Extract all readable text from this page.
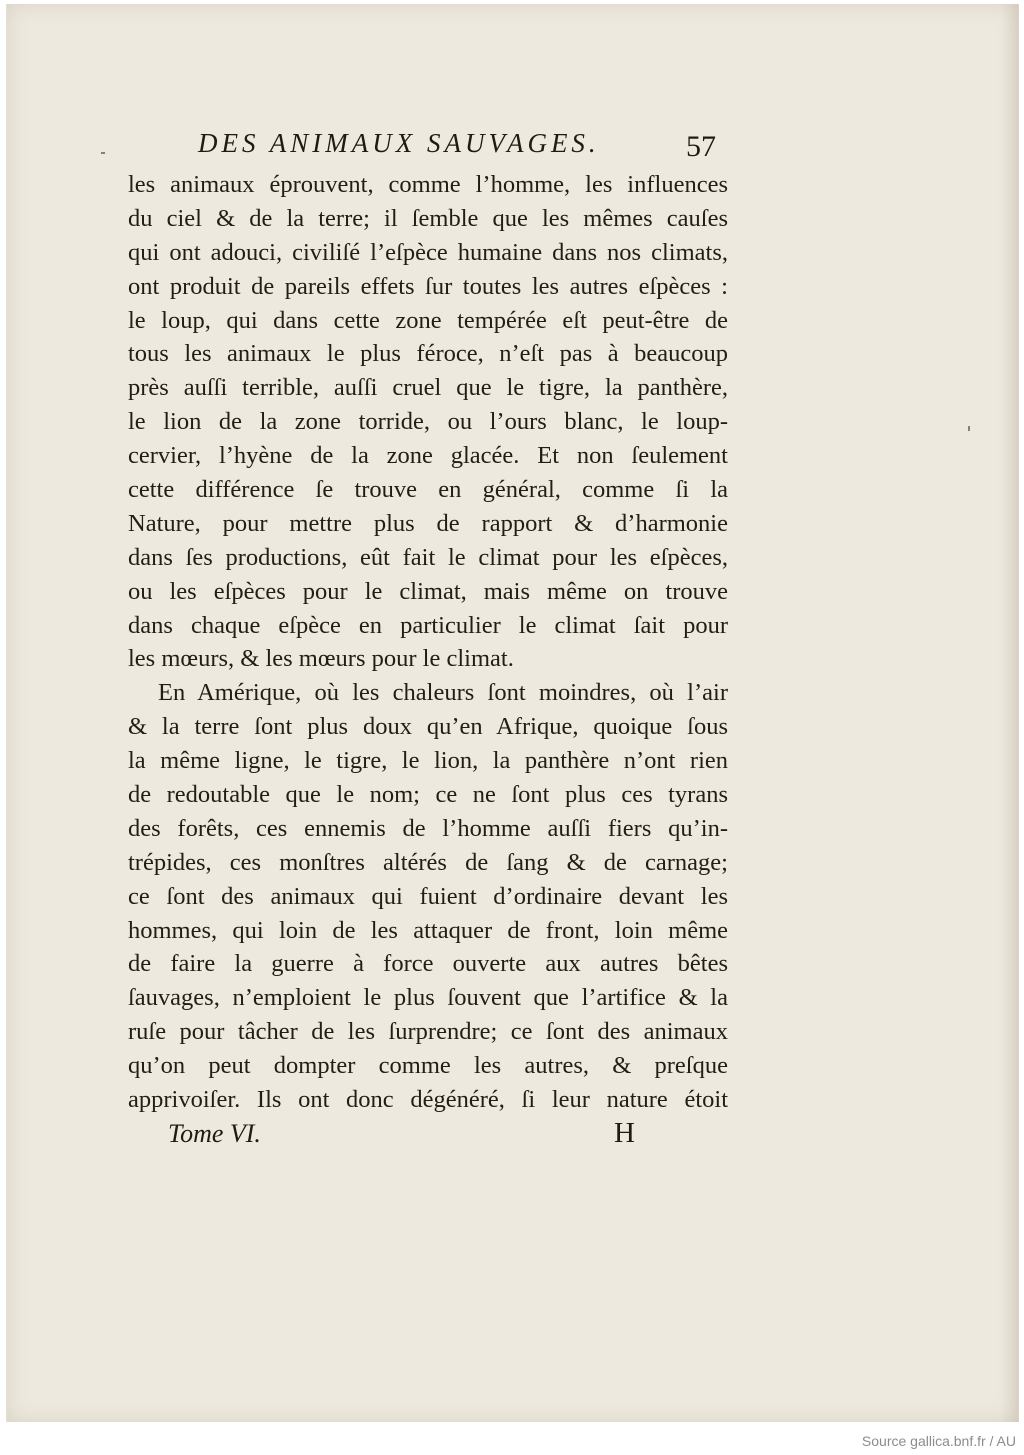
DES ANIMAUX SAUVAGES.	57
les animaux éprouvent, comme l’homme, les influences
du ciel & de la terre; il ſemble que les mêmes cauſes
qui ont adouci, civiliſé l’eſpèce humaine dans nos climats,
ont produit de pareils effets ſur toutes les autres eſpèces :
le loup, qui dans cette zone tempérée eſt peut-être de
tous les animaux le plus féroce, n’eſt pas à beaucoup
près auſſi terrible, auſſi cruel que le tigre, la panthère,
le lion de la zone torride, ou l’ours blanc, le loup-
cervier, l’hyène de la zone glacée. Et non ſeulement
cette différence ſe trouve en général, comme ſi la
Nature, pour mettre plus de rapport & d’harmonie
dans ſes productions, eût fait le climat pour les eſpèces,
ou les eſpèces pour le climat, mais même on trouve
dans chaque eſpèce en particulier le climat ſait pour
les mœurs, & les mœurs pour le climat.
En Amérique, où les chaleurs ſont moindres, où l’air
& la terre ſont plus doux qu’en Afrique, quoique ſous
la même ligne, le tigre, le lion, la panthère n’ont rien
de redoutable que le nom; ce ne ſont plus ces tyrans
des forêts, ces ennemis de l’homme auſſi fiers qu’in-
trépides, ces monſtres altérés de ſang & de carnage;
ce ſont des animaux qui fuient d’ordinaire devant les
hommes, qui loin de les attaquer de front, loin même
de faire la guerre à force ouverte aux autres bêtes
ſauvages, n’emploient le plus ſouvent que l’artifice & la
ruſe pour tâcher de les ſurprendre; ce ſont des animaux
qu’on peut dompter comme les autres, & preſque
apprivoiſer. Ils ont donc dégénéré, ſi leur nature étoit
Tome VI.	H
Source gallica.bnf.fr / AU
